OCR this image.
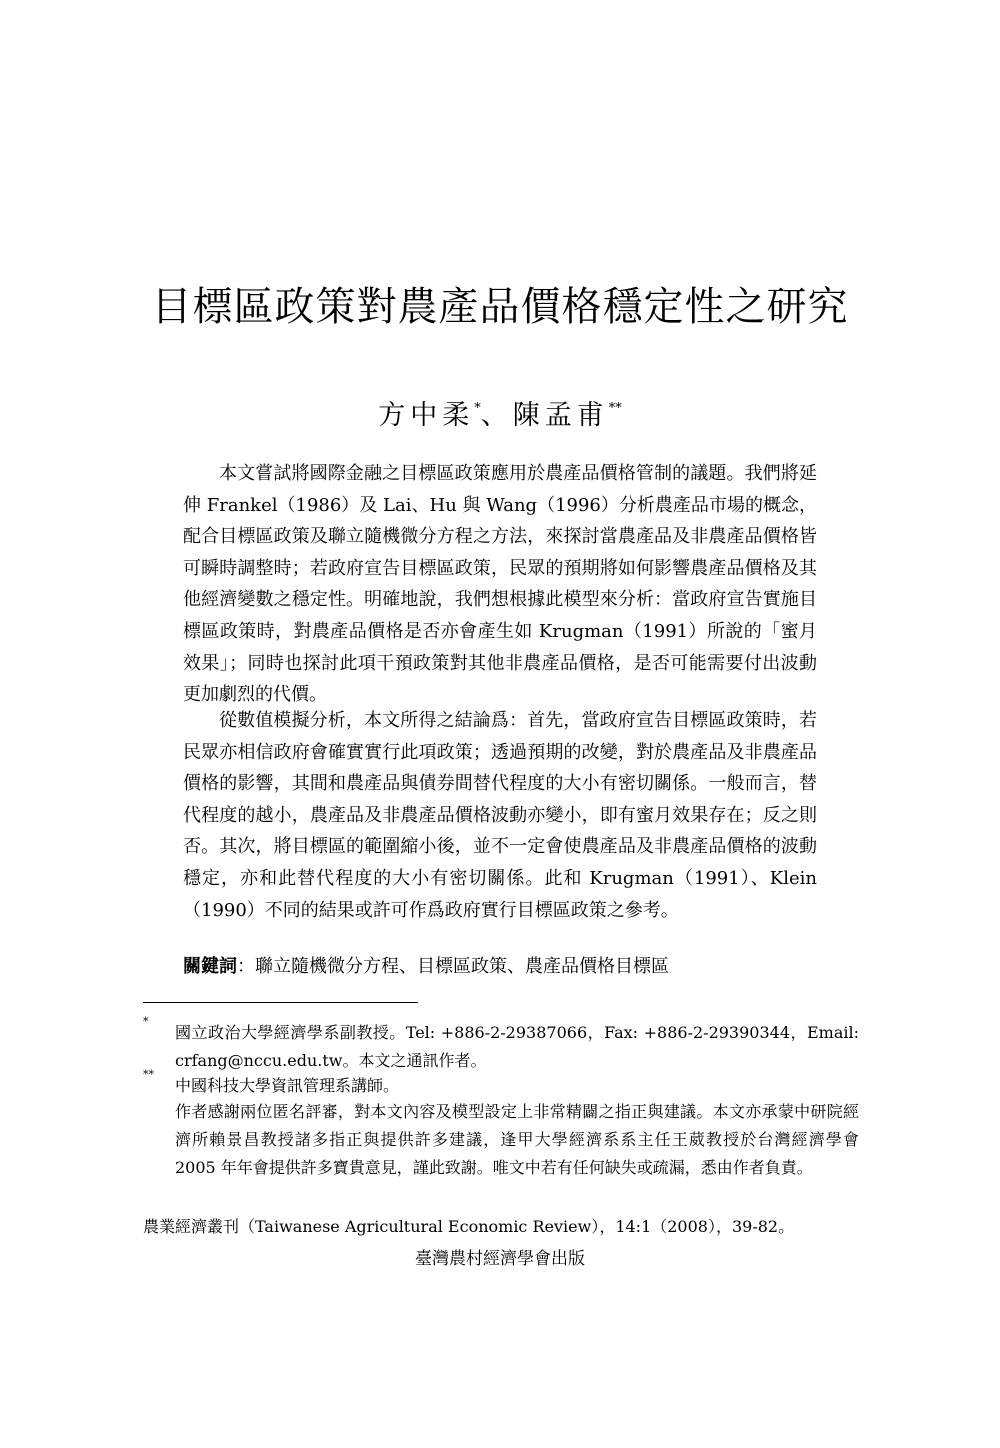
目標區政策對農產品價格穩定性之研究
方中柔*、陳孟甫**

本文嘗試將國際金融之目標區政策應用於農產品價格管制的議題。我們將延伸 Frankel（1986）及 Lai、Hu 與 Wang（1996）分析農產品市場的概念，配合目標區政策及聯立隨機微分方程之方法，來探討當農產品及非農產品價格皆可瞬時調整時；若政府宣告目標區政策，民眾的預期將如何影響農產品價格及其他經濟變數之穩定性。明確地說，我們想根據此模型來分析：當政府宣告實施目標區政策時，對農產品價格是否亦會產生如 Krugman（1991）所說的「蜜月效果」；同時也探討此項干預政策對其他非農產品價格，是否可能需要付出波動更加劇烈的代價。

從數值模擬分析，本文所得之結論爲：首先，當政府宣告目標區政策時，若民眾亦相信政府會確實實行此項政策；透過預期的改變，對於農產品及非農產品價格的影響，其間和農產品與債券間替代程度的大小有密切關係。一般而言，替代程度的越小，農產品及非農產品價格波動亦變小，即有蜜月效果存在；反之則否。其次，將目標區的範圍縮小後，並不一定會使農產品及非農產品價格的波動穩定，亦和此替代程度的大小有密切關係。此和 Krugman（1991）、Klein（1990）不同的結果或許可作爲政府實行目標區政策之參考。

關鍵詞：聯立隨機微分方程、目標區政策、農產品價格目標區
*
國立政治大學經濟學系副教授。Tel: +886-2-29387066，Fax: +886-2-29390344，Email: crfang@nccu.edu.tw。本文之通訊作者。
**
中國科技大學資訊管理系講師。
作者感謝兩位匿名評審，對本文內容及模型設定上非常精闢之指正與建議。本文亦承蒙中研院經濟所賴景昌教授諸多指正與提供許多建議，逢甲大學經濟系系主任王葳教授於台灣經濟學會 2005 年年會提供許多寶貴意見，謹此致謝。唯文中若有任何缺失或疏漏，悉由作者負責。
農業經濟叢刊（Taiwanese Agricultural Economic Review），14:1（2008），39-82。
臺灣農村經濟學會出版
